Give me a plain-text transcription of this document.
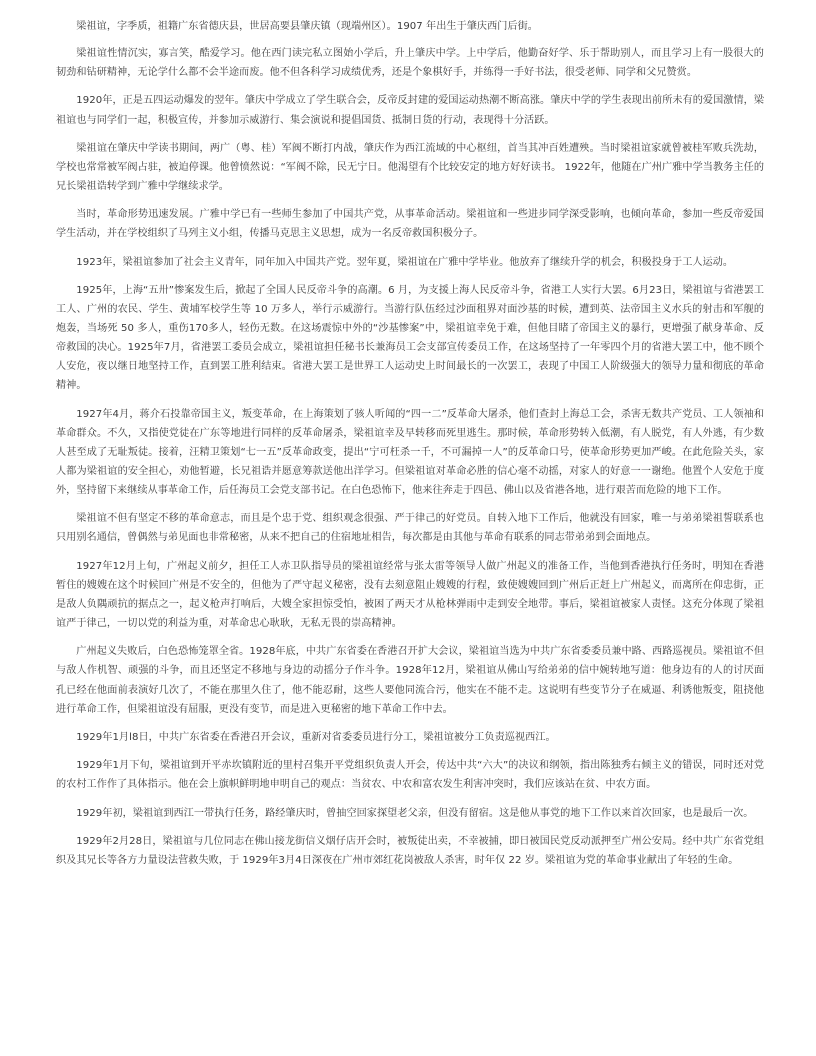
梁祖谊，字季质，祖籍广东省德庆县，世居高要县肇庆镇（现端州区）。1907 年出生于肇庆西门后街。

梁祖谊性情沉实，寡言笑，酷爱学习。他在西门读完私立图始小学后，升上肇庆中学。上中学后，他勤奋好学、乐于帮助别人，而且学习上有一股很大的韧劲和钻研精神，无论学什么都不会半途而废。他不但各科学习成绩优秀，还是个象棋好手，并练得一手好书法，很受老师、同学和父兄赞赏。

1920年，正是五四运动爆发的翌年。肇庆中学成立了学生联合会，反帝反封建的爱国运动热潮不断高涨。肇庆中学的学生表现出前所未有的爱国激情，梁祖谊也与同学们一起，积极宣传，并参加示威游行、集会演说和提倡国货、抵制日货的行动，表现得十分活跃。

梁祖谊在肇庆中学读书期间，两广（粤、桂）军阀不断打内战，肇庆作为西江流域的中心枢纽，首当其冲百姓遭殃。当时梁祖谊家就曾被桂军败兵洗劫，学校也常常被军阀占驻，被迫停课。他曾愤然说：“军阀不除，民无宁日。他渴望有个比较安定的地方好好读书。 1922年，他随在广州广雅中学当教务主任的兄长梁祖诰转学到广雅中学继续求学。

当时，革命形势迅速发展。广雅中学已有一些师生参加了中国共产党，从事革命活动。梁祖谊和一些进步同学深受影响，也倾向革命，参加一些反帝爱国学生活动，并在学校组织了马列主义小组，传播马克思主义思想，成为一名反帝救国积极分子。

1923年，梁祖谊参加了社会主义青年，同年加入中国共产党。翌年夏，梁祖谊在广雅中学毕业。他放弃了继续升学的机会，积极投身于工人运动。

1925年，上海“五卅”惨案发生后，掀起了全国人民反帝斗争的高潮。6 月，为支援上海人民反帝斗争，省港工人实行大罢。6月23日，梁祖谊与省港罢工工人、广州的农民、学生、黄埔军校学生等 10 万多人，举行示威游行。当游行队伍经过沙面租界对面沙基的时候，遭到英、法帝国主义水兵的射击和军舰的炮轰，当场死 50 多人，重伤170多人，轻伤无数。在这场震惊中外的“沙基惨案”中，梁祖谊幸免于难，但他目睹了帝国主义的暴行，更增强了献身革命、反帝救国的决心。1925年7月，省港罢工委员会成立，梁祖谊担任秘书长兼海员工会支部宣传委员工作，在这场坚持了一年零四个月的省港大罢工中，他不顾个人安危，夜以继日地坚持工作，直到罢工胜利结束。省港大罢工是世界工人运动史上时间最长的一次罢工，表现了中国工人阶级强大的领导力量和彻底的革命精神。

1927年4月，蒋介石投靠帝国主义，叛变革命，在上海策划了骇人听闻的“四一二”反革命大屠杀，他们查封上海总工会，杀害无数共产党员、工人领袖和革命群众。不久，又指使党徒在广东等地进行同样的反革命屠杀，梁祖谊幸及早转移而死里逃生。那时候，革命形势转入低潮，有人脱党，有人外逃，有少数人甚至成了无耻叛徒。接着，汪精卫策划“七一五”反革命政变，提出“宁可枉杀一千，不可漏掉一人”的反革命口号，使革命形势更加严峻。在此危险关头，家人都为梁祖谊的安全担心，劝他暂避，长兄祖诰并愿意筹款送他出洋学习。但梁祖谊对革命必胜的信心毫不动摇，对家人的好意一一谢绝。他置个人安危于度外，坚持留下来继续从事革命工作，后任海员工会党支部书记。在白色恐怖下，他来往奔走于四邑、佛山以及省港各地，进行艰苦而危险的地下工作。

梁祖谊不但有坚定不移的革命意志，而且是个忠于党、组织观念很强、严于律己的好党员。自转入地下工作后，他就没有回家，唯一与弟弟梁祖誓联系也只用别名通信，曾偶然与弟见面也非常秘密，从来不把自己的住宿地址相告，每次都是由其他与革命有联系的同志带弟弟到会面地点。

1927年12月上旬，广州起义前夕，担任工人赤卫队指导员的梁祖谊经常与张太雷等领导人做广州起义的准备工作，当他到香港执行任务时，明知在香港暂住的嫂嫂在这个时候回广州是不安全的，但他为了严守起义秘密，没有去刻意阻止嫂嫂的行程，致使嫂嫂回到广州后正赶上广州起义，而离所在仰忠街，正是敌人负隅顽抗的据点之一，起义枪声打响后，大嫂全家担惊受怕，被困了两天才从枪林弹雨中走到安全地带。事后，梁祖谊被家人责怪。这充分体现了梁祖谊严于律己，一切以党的利益为重，对革命忠心耿耿，无私无畏的崇高精神。

广州起义失败后，白色恐怖笼罩全省。1928年底，中共广东省委在香港召开扩大会议，梁祖谊当选为中共广东省委委员兼中路、西路巡视员。梁祖谊不但与敌人作机智、顽强的斗争，而且还坚定不移地与身边的动摇分子作斗争。1928年12月，梁祖谊从佛山写给弟弟的信中婉转地写道：他身边有的人的讨厌面孔已经在他面前表演好几次了，不能在那里久住了，他不能忍耐，这些人要他同流合污，他实在不能不走。这说明有些变节分子在威逼、利诱他叛变，阻挠他进行革命工作，但梁祖谊没有屈服，更没有变节，而是进入更秘密的地下革命工作中去。

1929年1月l8日，中共广东省委在香港召开会议，重新对省委委员进行分工，梁祖谊被分工负责巡视西江。

1929年1月下旬，梁祖谊到开平赤坎镇附近的里村召集开平党组织负责人开会，传达中共“六大”的决议和纲领，指出陈独秀右倾主义的错误，同时还对党的农村工作作了具体指示。他在会上旗帜鲜明地申明自己的观点：当贫农、中农和富农发生利害冲突时，我们应该站在贫、中农方面。

1929年初，梁祖谊到西江一带执行任务，路经肇庆时，曾抽空回家探望老父亲，但没有留宿。这是他从事党的地下工作以来首次回家，也是最后一次。

1929年2月28日，梁祖谊与几位同志在佛山接龙街信义烟仔店开会时，被叛徒出卖，不幸被捕，即日被国民党反动派押至广州公安局。经中共广东省党组织及其兄长等各方力量设法营救失败，于 1929年3月4日深夜在广州市郊红花岗被敌人杀害，时年仅 22 岁。梁祖谊为党的革命事业献出了年轻的生命。
